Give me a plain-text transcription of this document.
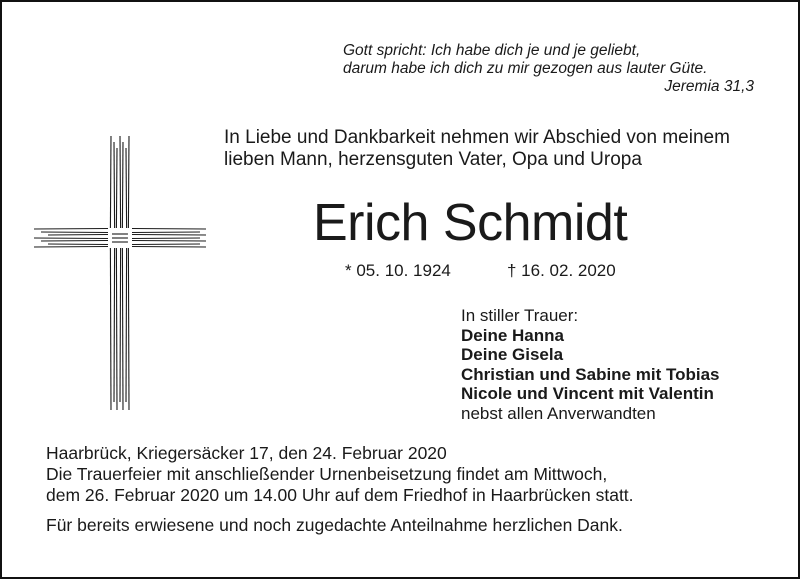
Gott spricht: Ich habe dich je und je geliebt,
darum habe ich dich zu mir gezogen aus lauter Güte.
Jeremia 31,3
In Liebe und Dankbarkeit nehmen wir Abschied von meinem
lieben Mann, herzensguten Vater, Opa und Uropa
Erich Schmidt
* 05. 10. 1924	† 16. 02. 2020
In stiller Trauer:
Deine Hanna
Deine Gisela
Christian und Sabine mit Tobias
Nicole und Vincent mit Valentin
nebst allen Anverwandten
Haarbrück, Kriegersäcker 17, den 24. Februar 2020
Die Trauerfeier mit anschließender Urnenbeisetzung findet am Mittwoch,
dem 26. Februar 2020 um 14.00 Uhr auf dem Friedhof in Haarbrücken statt.
Für bereits erwiesene und noch zugedachte Anteilnahme herzlichen Dank.
